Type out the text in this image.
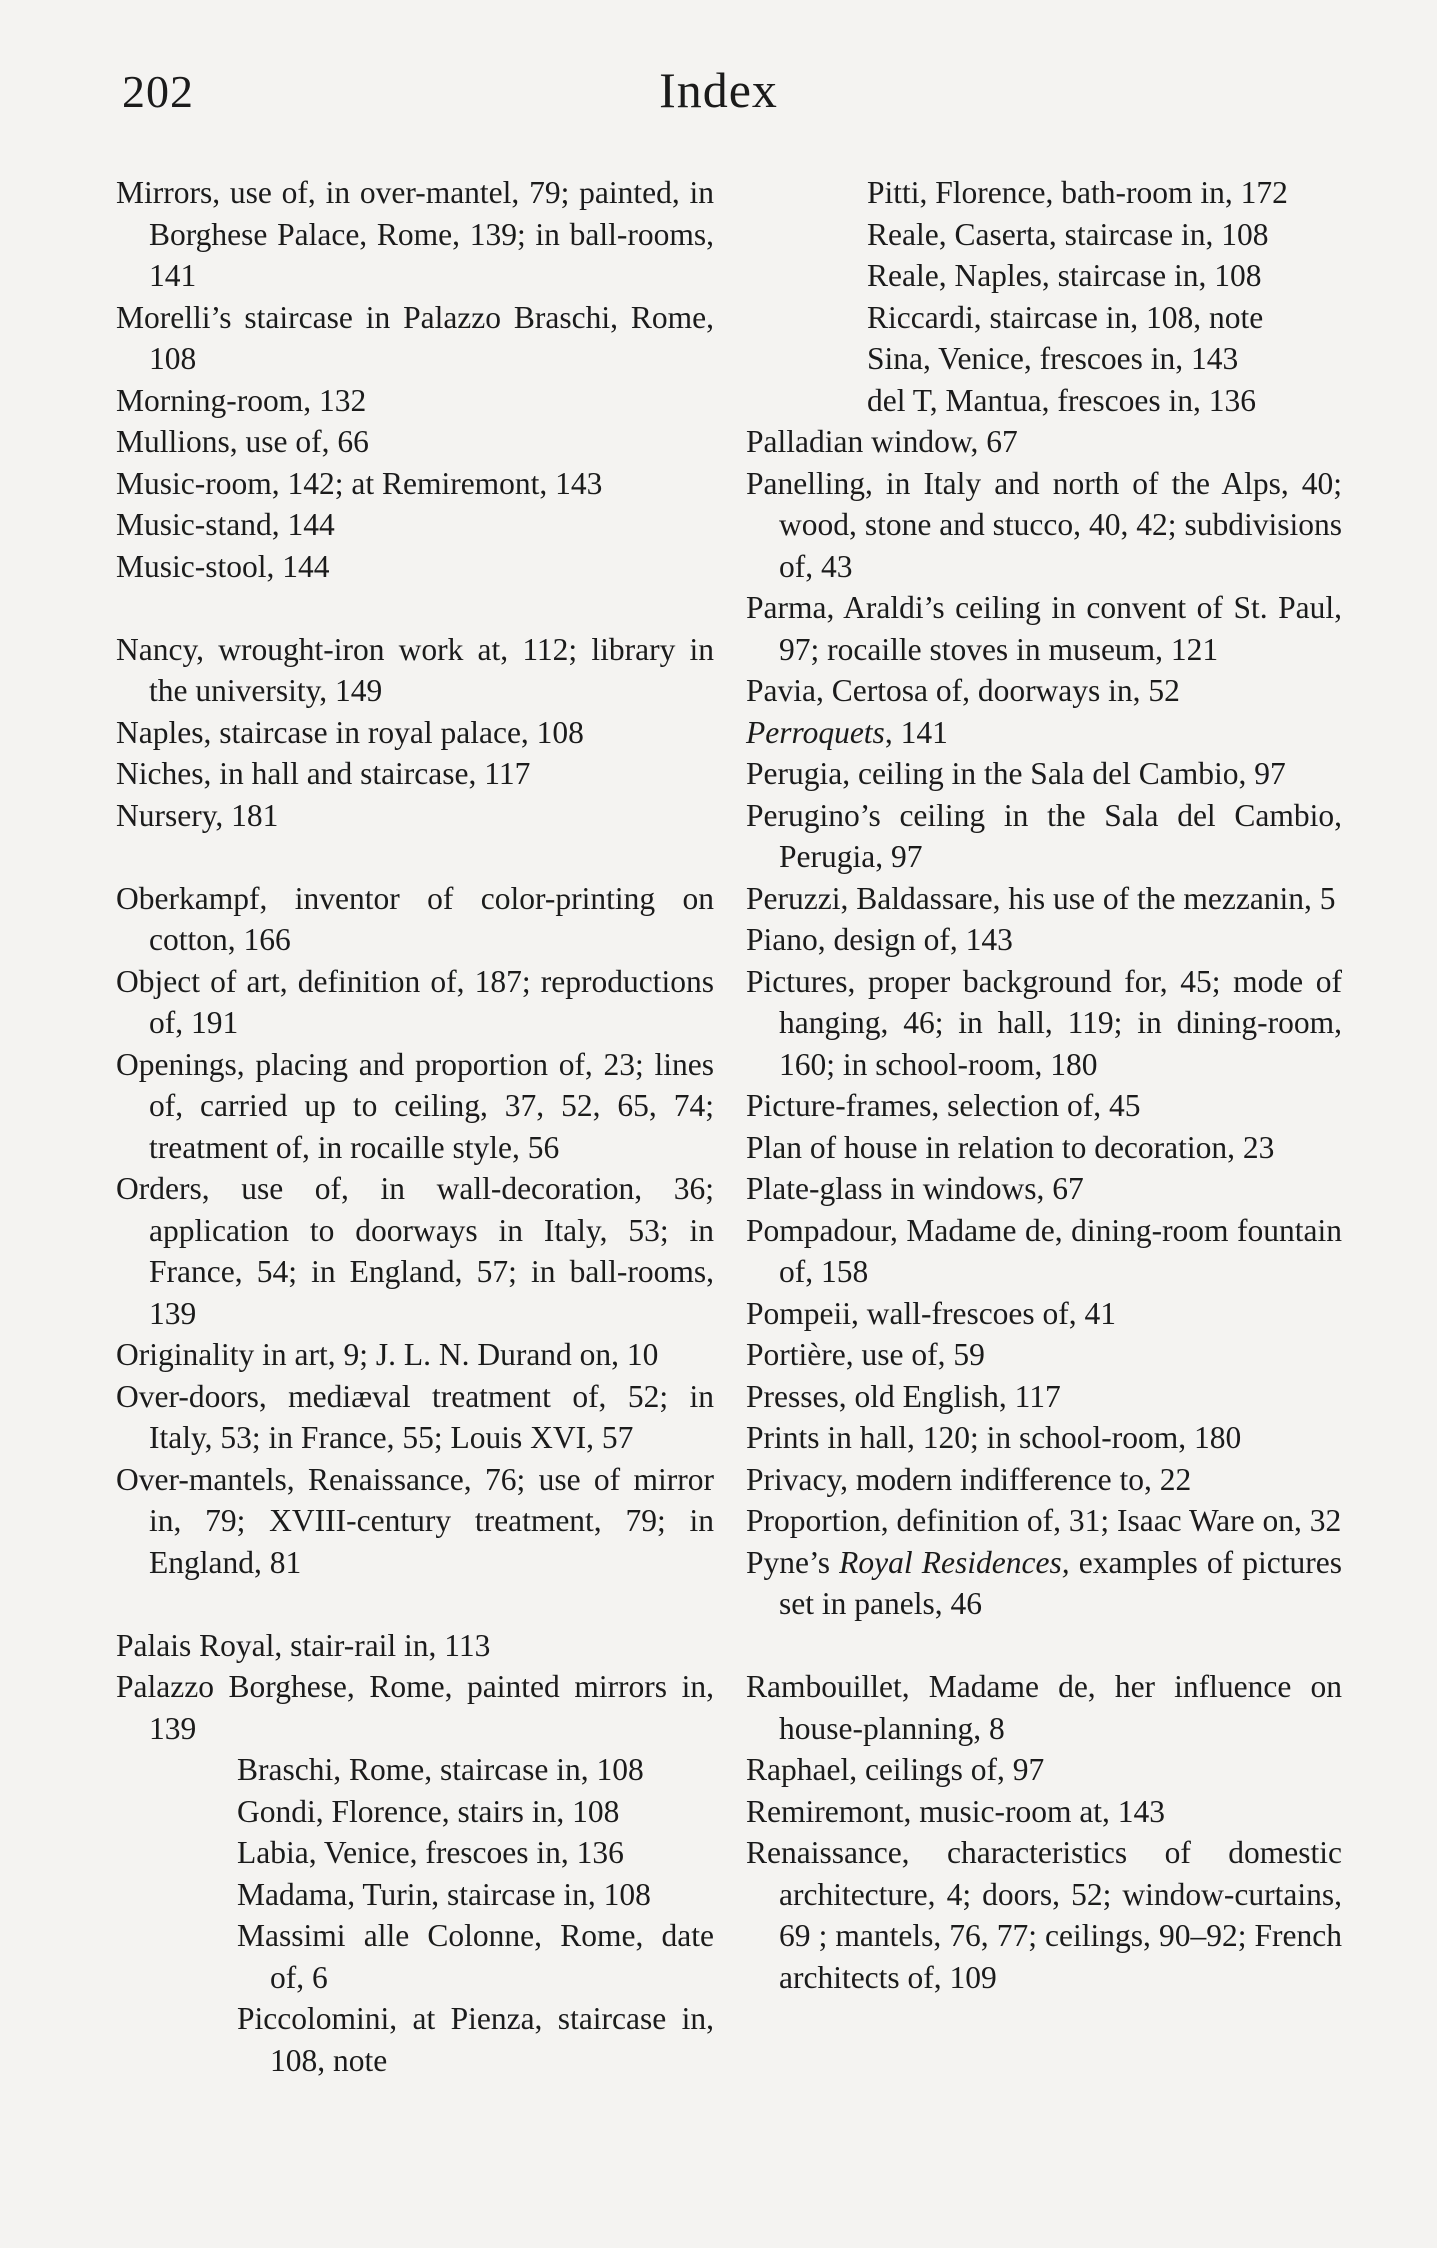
202	Index
Mirrors, use of, in over-mantel, 79; painted, in Borghese Palace, Rome, 139; in ball-rooms, 141
Morelli’s staircase in Palazzo Braschi, Rome, 108
Morning-room, 132
Mullions, use of, 66
Music-room, 142; at Remiremont, 143
Music-stand, 144
Music-stool, 144
Nancy, wrought-iron work at, 112; library in the university, 149
Naples, staircase in royal palace, 108
Niches, in hall and staircase, 117
Nursery, 181
Oberkampf, inventor of color-printing on cotton, 166
Object of art, definition of, 187; reproductions of, 191
Openings, placing and proportion of, 23; lines of, carried up to ceiling, 37, 52, 65, 74; treatment of, in rocaille style, 56
Orders, use of, in wall-decoration, 36; application to doorways in Italy, 53; in France, 54; in England, 57; in ball-rooms, 139
Originality in art, 9; J. L. N. Durand on, 10
Over-doors, mediæval treatment of, 52; in Italy, 53; in France, 55; Louis XVI, 57
Over-mantels, Renaissance, 76; use of mirror in, 79; XVIII-century treatment, 79; in England, 81
Palais Royal, stair-rail in, 113
Palazzo Borghese, Rome, painted mirrors in, 139
Braschi, Rome, staircase in, 108
Gondi, Florence, stairs in, 108
Labia, Venice, frescoes in, 136
Madama, Turin, staircase in, 108
Massimi alle Colonne, Rome, date of, 6
Piccolomini, at Pienza, staircase in, 108, note
Pitti, Florence, bath-room in, 172
Reale, Caserta, staircase in, 108
Reale, Naples, staircase in, 108
Riccardi, staircase in, 108, note
Sina, Venice, frescoes in, 143
del T, Mantua, frescoes in, 136
Palladian window, 67
Panelling, in Italy and north of the Alps, 40; wood, stone and stucco, 40, 42; subdivisions of, 43
Parma, Araldi’s ceiling in convent of St. Paul, 97; rocaille stoves in museum, 121
Pavia, Certosa of, doorways in, 52
Perroquets, 141
Perugia, ceiling in the Sala del Cambio, 97
Perugino’s ceiling in the Sala del Cambio, Perugia, 97
Peruzzi, Baldassare, his use of the mezzanin, 5
Piano, design of, 143
Pictures, proper background for, 45; mode of hanging, 46; in hall, 119; in dining-room, 160; in school-room, 180
Picture-frames, selection of, 45
Plan of house in relation to decoration, 23
Plate-glass in windows, 67
Pompadour, Madame de, dining-room fountain of, 158
Pompeii, wall-frescoes of, 41
Portière, use of, 59
Presses, old English, 117
Prints in hall, 120; in school-room, 180
Privacy, modern indifference to, 22
Proportion, definition of, 31; Isaac Ware on, 32
Pyne’s Royal Residences, examples of pictures set in panels, 46
Rambouillet, Madame de, her influence on house-planning, 8
Raphael, ceilings of, 97
Remiremont, music-room at, 143
Renaissance, characteristics of domestic architecture, 4; doors, 52; window-curtains, 69 ; mantels, 76, 77; ceilings, 90–92; French architects of, 109
